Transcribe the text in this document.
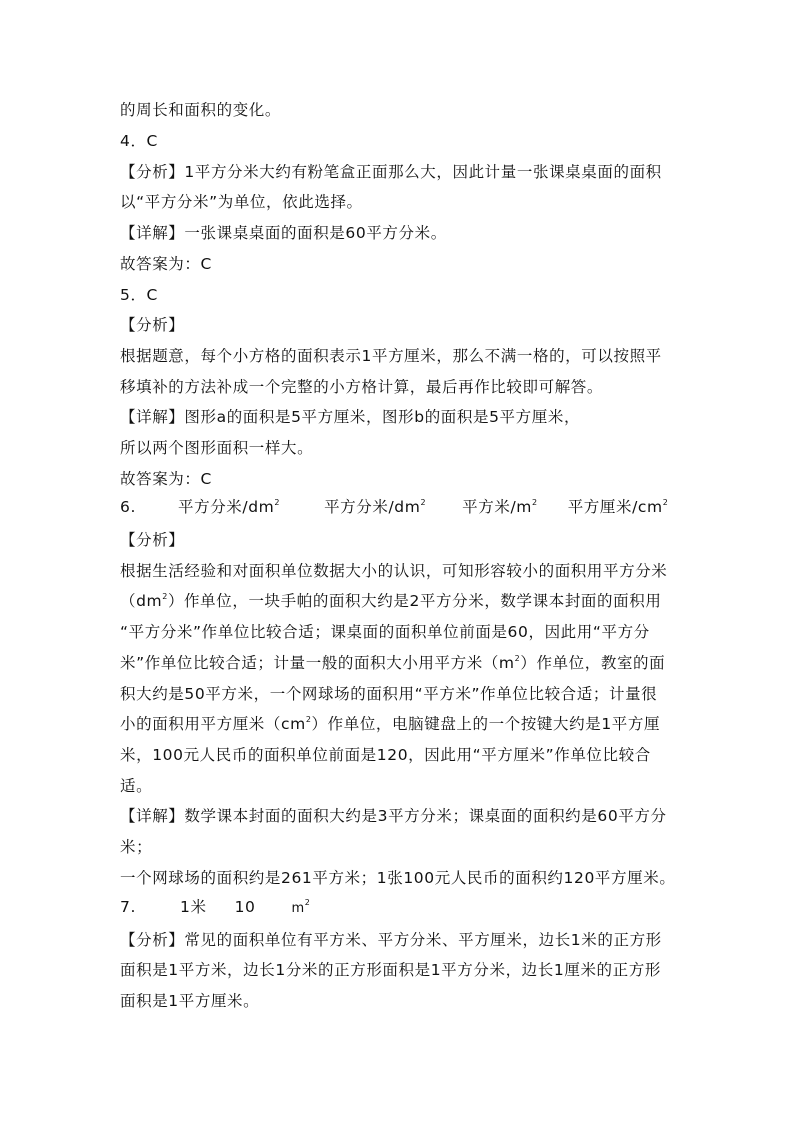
的周长和面积的变化。
4．C
【分析】1平方分米大约有粉笔盒正面那么大，因此计量一张课桌桌面的面积
以“平方分米”为单位，依此选择。
【详解】一张课桌桌面的面积是60平方分米。
故答案为：C
5．C
【分析】
根据题意，每个小方格的面积表示1平方厘米，那么不满一格的，可以按照平
移填补的方法补成一个完整的小方格计算，最后再作比较即可解答。
【详解】图形a的面积是5平方厘米，图形b的面积是5平方厘米，
所以两个图形面积一样大。
故答案为：C
6.	平方分米$/dm^2$	平方分米$/dm^2$ 平方米$/m^2$ 平方厘米$/cm^2$
【分析】
根据生活经验和对面积单位数据大小的认识，可知形容较小的面积用平方分米
$(dm^2)$作单位，一块手帕的面积大约是2平方分米，数学课本封面的面积用
“平方分米”作单位比较合适；课桌面的面积单位前面是60，因此用“平方分
米”作单位比较合适；计量一般的面积大小用平方米$(m^2)$作单位，教室的面
积大约是50平方米，一个网球场的面积用“平方米”作单位比较合适；计量很
小的面积用平方厘米$(cm^2)$作单位，电脑键盘上的一个按键大约是1平方厘
米，100元人民币的面积单位前面是120，因此用“平方厘米”作单位比较合
适。
【详解】数学课本封面的面积大约是3平方分米；课桌面的面积约是60平方分
米；
一个网球场的面积约是261平方米；1张100元人民币的面积约120平方厘米。
7.	1米 10	$m^2$
【分析】常见的面积单位有平方米、平方分米、平方厘米，边长1米的正方形
面积是1平方米，边长1分米的正方形面积是1平方分米，边长1厘米的正方形
面积是1平方厘米。
